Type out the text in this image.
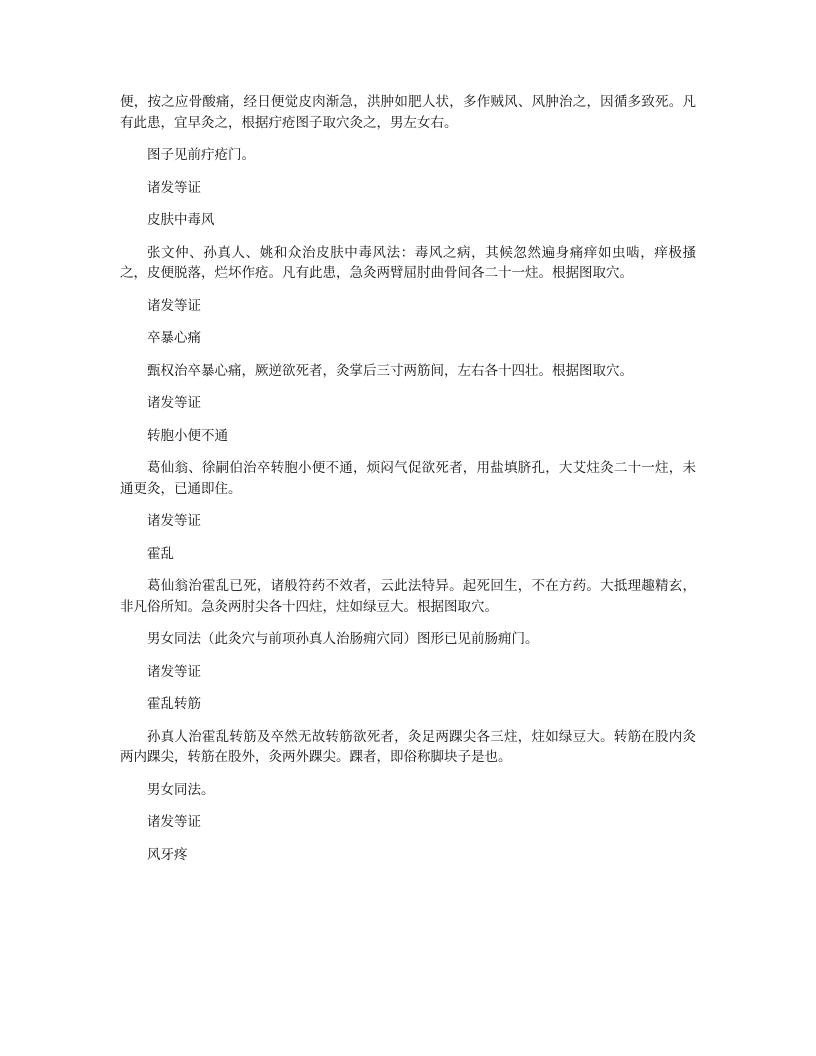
便，按之应骨酸痛，经日便觉皮肉渐急，洪肿如肥人状，多作贼风、风肿治之，因循多致死。凡有此患，宜早灸之，根据疔疮图子取穴灸之，男左女右。

图子见前疔疮门。

诸发等证

皮肤中毒风

张文仲、孙真人、姚和众治皮肤中毒风法：毒风之病，其候忽然遍身痛痒如虫啮，痒极搔之，皮便脱落，烂坏作疮。凡有此患，急灸两臂屈肘曲骨间各二十一炷。根据图取穴。

诸发等证

卒暴心痛

甄权治卒暴心痛，厥逆欲死者，灸掌后三寸两筋间，左右各十四壮。根据图取穴。

诸发等证

转胞小便不通

葛仙翁、徐嗣伯治卒转胞小便不通，烦闷气促欲死者，用盐填脐孔，大艾炷灸二十一炷，未通更灸，已通即住。

诸发等证

霍乱

葛仙翁治霍乱已死，诸般符药不效者，云此法特异。起死回生，不在方药。大抵理趣精玄，非凡俗所知。急灸两肘尖各十四炷，炷如绿豆大。根据图取穴。

男女同法（此灸穴与前项孙真人治肠痈穴同）图形已见前肠痈门。

诸发等证

霍乱转筋

孙真人治霍乱转筋及卒然无故转筋欲死者，灸足两踝尖各三炷，炷如绿豆大。转筋在股内灸两内踝尖，转筋在股外，灸两外踝尖。踝者，即俗称脚块子是也。

男女同法。

诸发等证

风牙疼
